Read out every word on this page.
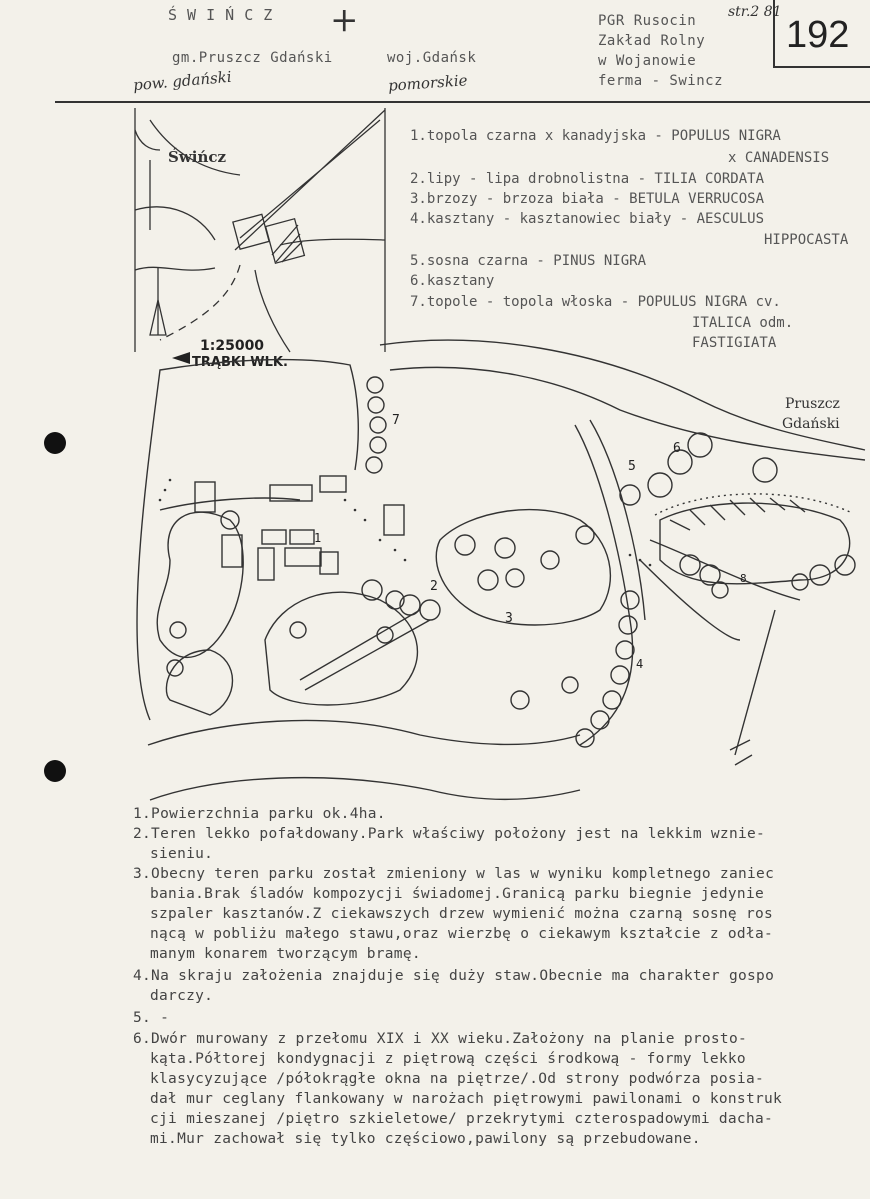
Ś W I Ń C Z +
gm.Pruszcz Gdański
pow. gdański
woj.Gdańsk
pomorskie
PGR Rusocin
Zakład Rolny
w Wojanowie
ferma - Swincz
str.2 81
192
Świńcz
1:25000
TRĄBKI WLK.
Pruszcz
Gdański
1
2
3
4
5
6
7
8
1.topola czarna x kanadyjska - POPULUS NIGRA
x CANADENSIS
2.lipy - lipa drobnolistna - TILIA CORDATA
3.brzozy - brzoza biała - BETULA VERRUCOSA
4.kasztany - kasztanowiec biały - AESCULUS
HIPPOCASTA
5.sosna czarna - PINUS NIGRA
6.kasztany
7.topole - topola włoska - POPULUS NIGRA cv.
ITALICA odm.
FASTIGIATA
1.Powierzchnia parku ok.4ha.
2.Teren lekko pofałdowany.Park właściwy położony jest na lekkim wznie-
sieniu.
3.Obecny teren parku został zmieniony w las w wyniku kompletnego zaniec
bania.Brak śladów kompozycji świadomej.Granicą parku biegnie jedynie
szpaler kasztanów.Z ciekawszych drzew wymienić można czarną sosnę ros
nącą w pobliżu małego stawu,oraz wierzbę o ciekawym kształcie z odła-
manym konarem tworzącym bramę.
4.Na skraju założenia znajduje się duży staw.Obecnie ma charakter gospo
darczy.
5. -
6.Dwór murowany z przełomu XIX i XX wieku.Założony na planie prosto-
kąta.Półtorej kondygnacji z piętrową części środkową - formy lekko
klasycyzujące /półokrągłe okna na piętrze/.Od strony podwórza posia-
dał mur ceglany flankowany w narożach piętrowymi pawilonami o konstruk
cji mieszanej /piętro szkieletowe/ przekrytymi czterospadowymi dacha-
mi.Mur zachował się tylko częściowo,pawilony są przebudowane.
